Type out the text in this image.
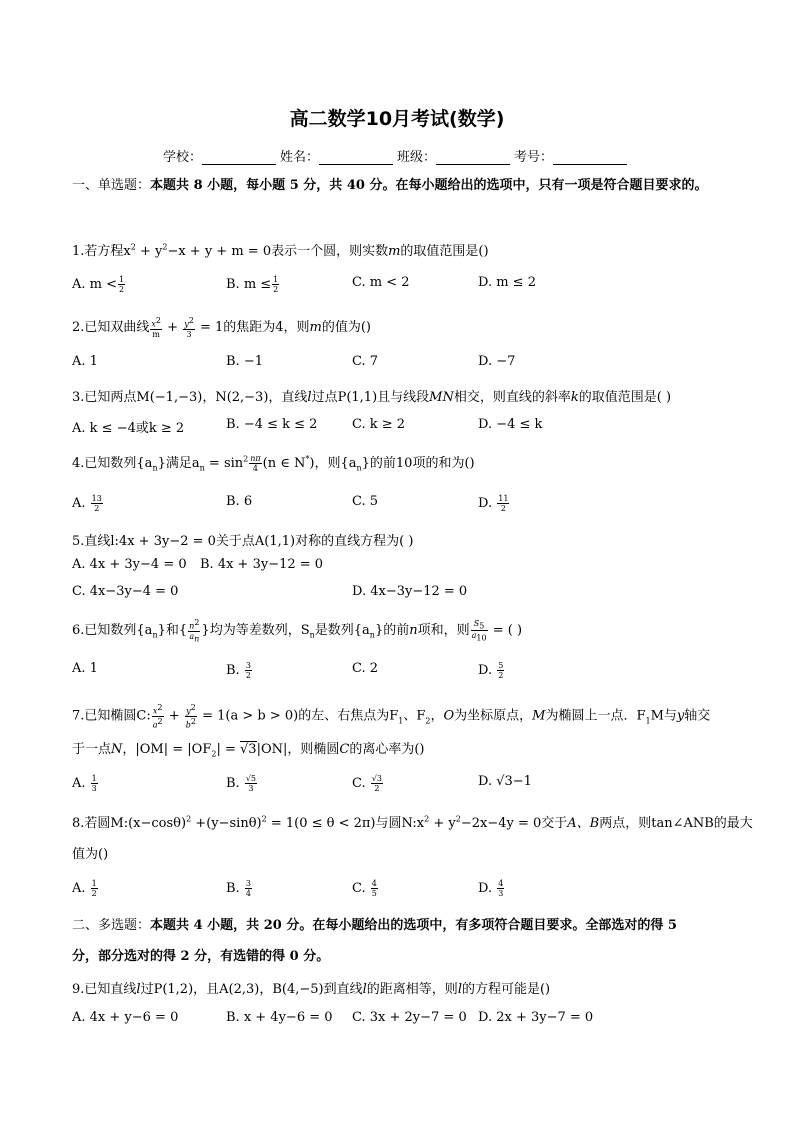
高二数学10月考试(数学)
学校：	姓名：	班级：	考号：
一、单选题：本题共 8 小题，每小题 5 分，共 40 分。在每小题给出的选项中，只有一项是符合题目要求的。
1.若方程$x^2 + y^2-x + y + m = 0$表示一个圆，则实数m的取值范围是()
A. $m < \frac{1}{2}$	B. $m \le \frac{1}{2}$	C. m < 2	D. m ≤ 2
2.已知双曲线 $\frac{x^2}{m} + \frac{y^2}{3} = 1$的焦距为4，则m的值为()
A. 1	B. −1	C. 7	D. −7
3.已知两点M(−1,−3)，N(2,−3)，直线l过点P(1,1)且与线段MN相交，则直线的斜率k的取值范围是( )
A. k ≤ −4或k ≥ 2	B. −4 ≤ k ≤ 2	C. k ≥ 2	D. −4 ≤ k
4.已知数列$\{a_n\}$满足$a_n = \sin^2 \frac{n\pi}{4} (n$ ∈ N*)，则$\{a_n\}$的前10项的和为()
A. $\frac{13}{2}$	B. 6	C. 5	D. $\frac{11}{2}$
5.直线l:4x + 3y−2 = 0关于点A(1,1)对称的直线方程为( )
A. 4x + 3y−4 = 0 B. 4x + 3y−12 = 0
C. 4x−3y−4 = 0	D. 4x−3y−12 = 0
6.已知数列$\{a_n\}$和{ $\frac{n^2}{a_n}$ }均为等差数列，$S_n$是数列$\{a_n\}$的前n项和，则 $\frac{S_5}{a_{10}}$ = ( )
A. 1	B. $\frac{3}{2}$	C. 2	D. $\frac{5}{2}$
7.已知椭圆C: $\frac{x^2}{a^2} + \frac{y^2}{b^2} = 1(a > b > 0)$的左、右焦点为$F_1$、$F_2$，O为坐标原点，M为椭圆上一点．$F_1M$与y轴交
于一点N，$|OM| = |OF_2| = √3|ON|$，则椭圆C的离心率为()
A. $\frac{1}{3}$	B. $\frac{√5}{3}$	C. $\frac{√3}{2}$	D. √3−1
8.若圆$M:(x-\cos\theta)^2 +(y-\sin\theta)^2 = 1(0 \le \theta < 2\pi)$与圆$N:x^2 + y^2-2x-4y = 0$交于A、B两点，则tan∠ANB的最大
值为()
A. $\frac{1}{2}$	B. $\frac{3}{4}$	C. $\frac{4}{5}$	D. $\frac{4}{3}$
二、多选题：本题共 4 小题，共 20 分。在每小题给出的选项中，有多项符合题目要求。全部选对的得 5
分，部分选对的得 2 分，有选错的得 0 分。
9.已知直线l过P(1,2)，且A(2,3)，B(4,−5)到直线l的距离相等，则l的方程可能是()
A. 4x + y−6 = 0	B. x + 4y−6 = 0 C. 3x + 2y−7 = 0 D. 2x + 3y−7 = 0
